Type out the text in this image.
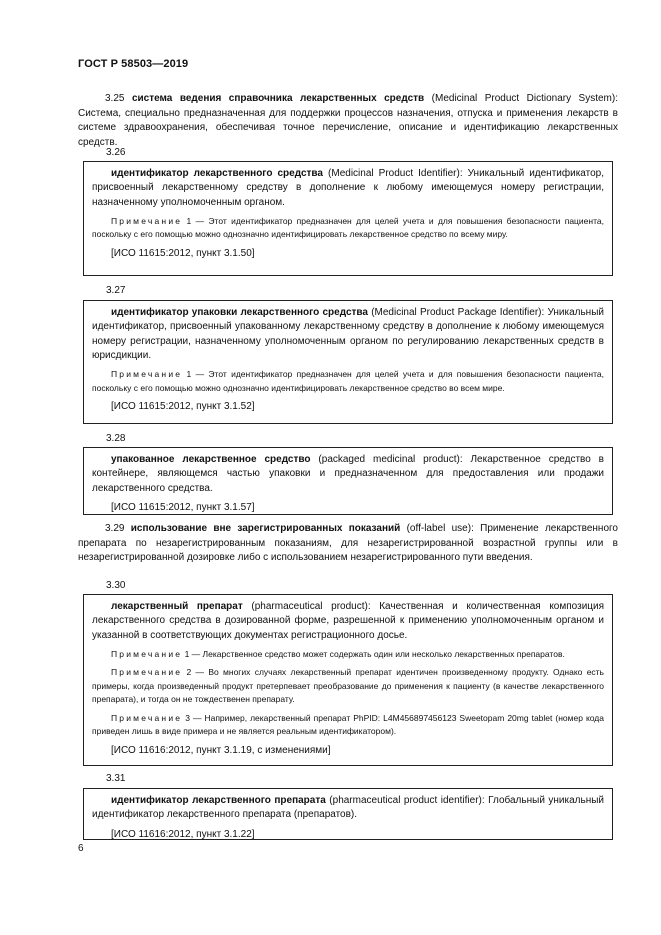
ГОСТ Р 58503—2019
3.25 система ведения справочника лекарственных средств (Medicinal Product Dictionary System): Система, специально предназначенная для поддержки процессов назначения, отпуска и применения лекарств в системе здравоохранения, обеспечивая точное перечисление, описание и идентификацию лекарственных средств.
3.26

идентификатор лекарственного средства (Medicinal Product Identifier): Уникальный идентификатор, присвоенный лекарственному средству в дополнение к любому имеющемуся номеру регистрации, назначенному уполномоченным органом.

Примечание 1 — Этот идентификатор предназначен для целей учета и для повышения безопасности пациента, поскольку с его помощью можно однозначно идентифицировать лекарственное средство по всему миру.

[ИСО 11615:2012, пункт 3.1.50]

3.27

идентификатор упаковки лекарственного средства (Medicinal Product Package Identifier): Уникальный идентификатор, присвоенный упакованному лекарственному средству в дополнение к любому имеющемуся номеру регистрации, назначенному уполномоченным органом по регулированию лекарственных средств в юрисдикции.

Примечание 1 — Этот идентификатор предназначен для целей учета и для повышения безопасности пациента, поскольку с его помощью можно однозначно идентифицировать лекарственное средство во всем мире.

[ИСО 11615:2012, пункт 3.1.52]

3.28

упакованное лекарственное средство (packaged medicinal product): Лекарственное средство в контейнере, являющемся частью упаковки и предназначенном для предоставления или продажи лекарственного средства.

[ИСО 11615:2012, пункт 3.1.57]

3.29 использование вне зарегистрированных показаний (off-label use): Применение лекарственного препарата по незарегистрированным показаниям, для незарегистрированной возрастной группы или в незарегистрированной дозировке либо с использованием незарегистрированного пути введения.
3.30

лекарственный препарат (pharmaceutical product): Качественная и количественная композиция лекарственного средства в дозированной форме, разрешенной к применению уполномоченным органом и указанной в соответствующих документах регистрационного досье.

Примечание 1 — Лекарственное средство может содержать один или несколько лекарственных препаратов.

Примечание 2 — Во многих случаях лекарственный препарат идентичен произведенному продукту. Однако есть примеры, когда произведенный продукт претерпевает преобразование до применения к пациенту (в качестве лекарственного препарата), и тогда он не тождественен препарату.

Примечание 3 — Например, лекарственный препарат PhPID: L4M456897456123 Sweetopam 20mg tablet (номер кода приведен лишь в виде примера и не является реальным идентификатором).

[ИСО 11616:2012, пункт 3.1.19, с изменениями]

3.31

идентификатор лекарственного препарата (pharmaceutical product identifier): Глобальный уникальный идентификатор лекарственного препарата (препаратов).

[ИСО 11616:2012, пункт 3.1.22]

6
